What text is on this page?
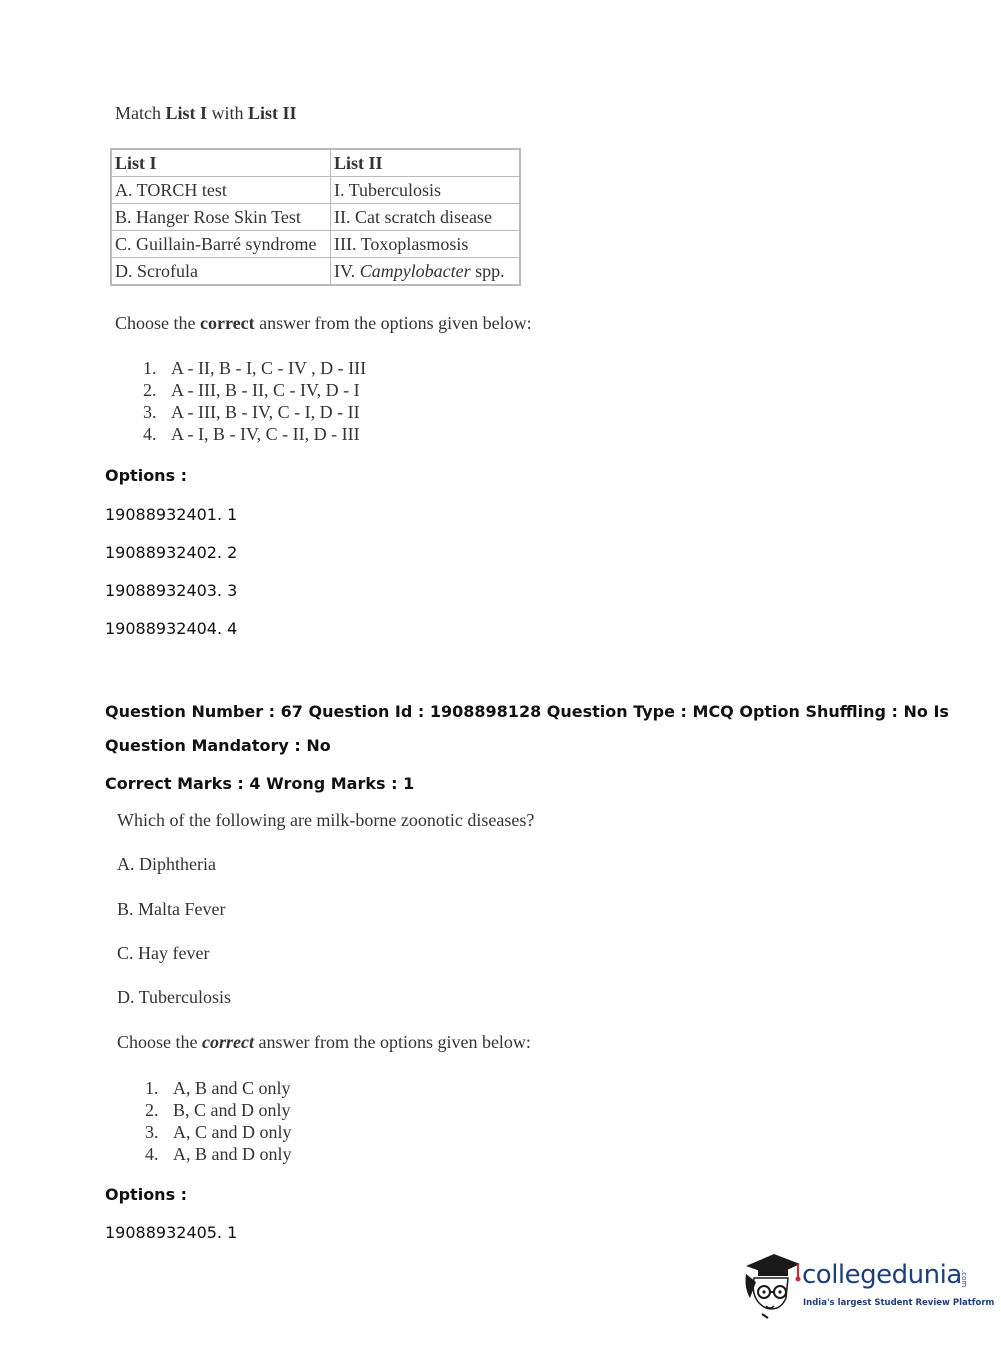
Match List I with List II
List I	List II
A. TORCH test	I. Tuberculosis
B. Hanger Rose Skin Test	II. Cat scratch disease
C. Guillain-Barré syndrome	III. Toxoplasmosis
D. Scrofula	IV. Campylobacter spp.
Choose the correct answer from the options given below:
1. A - II, B - I, C - IV , D - III
2. A - III, B - II, C - IV, D - I
3. A - III, B - IV, C - I, D - II
4. A - I, B - IV, C - II, D - III
Options :
19088932401. 1
19088932402. 2
19088932403. 3
19088932404. 4
Question Number : 67 Question Id : 1908898128 Question Type : MCQ Option Shuffling : No Is
Question Mandatory : No
Correct Marks : 4 Wrong Marks : 1
Which of the following are milk-borne zoonotic diseases?
A. Diphtheria
B. Malta Fever
C. Hay fever
D. Tuberculosis
Choose the correct answer from the options given below:
1. A, B and C only
2. B, C and D only
3. A, C and D only
4. A, B and D only
Options :
19088932405. 1
collegedunia
.com
India's largest Student Review Platform
